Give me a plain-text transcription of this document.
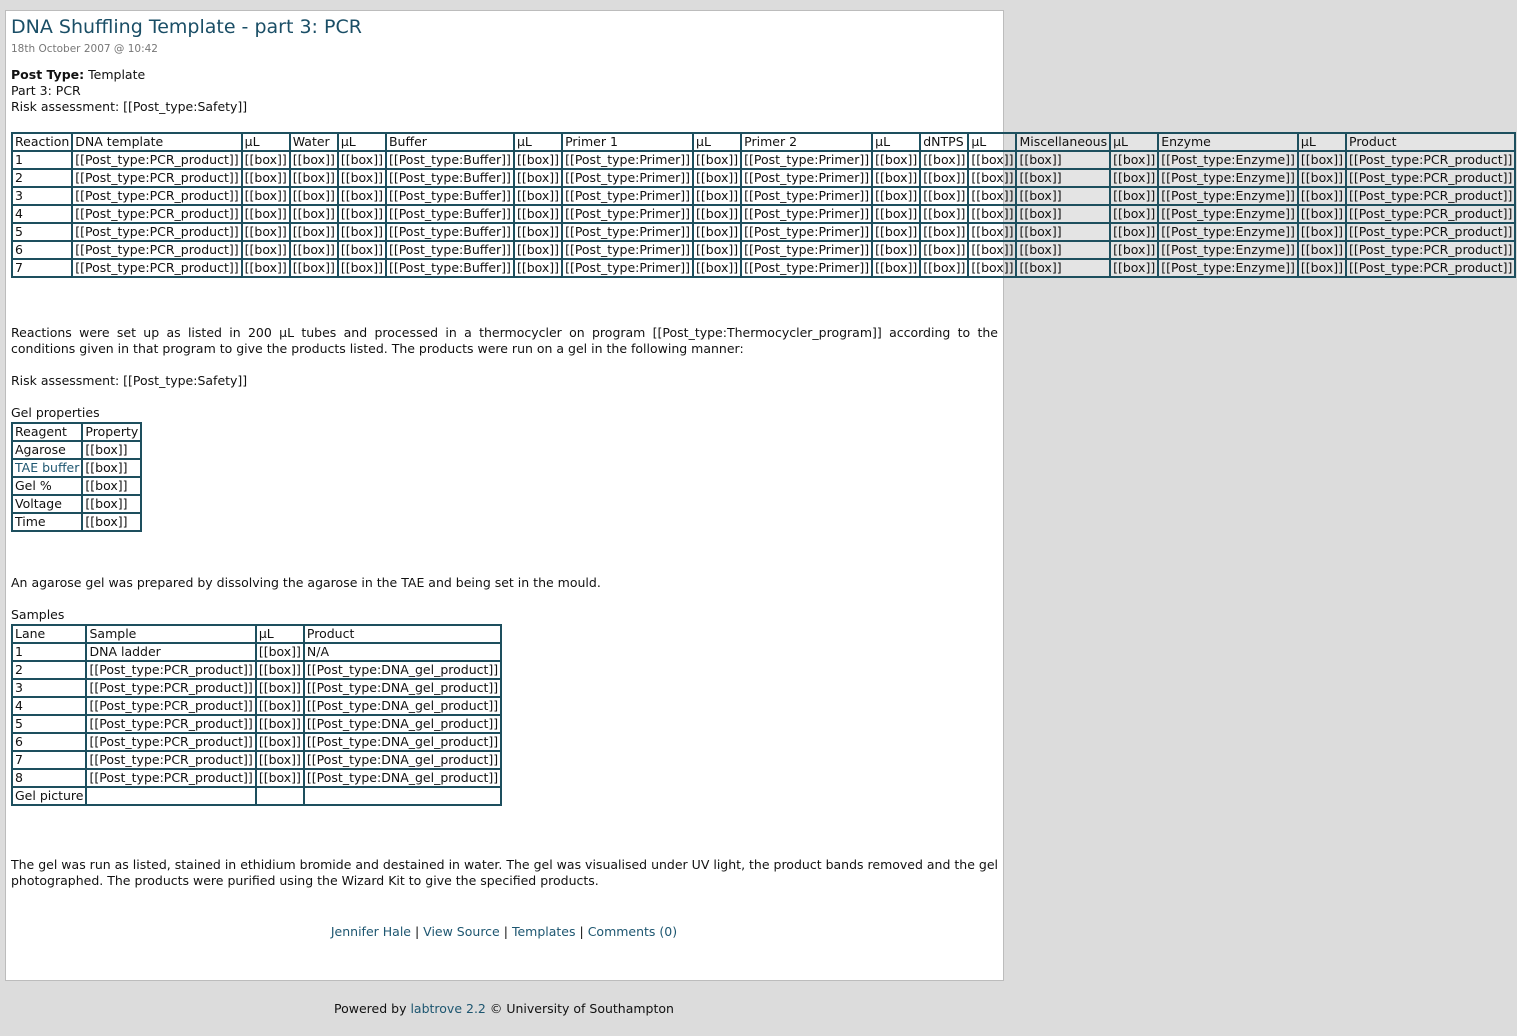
DNA Shuffling Template - part 3: PCR
18th October 2007 @ 10:42
Post Type: Template
Part 3: PCR
Risk assessment: [[Post_type:Safety]]
Reaction	DNA template	µL	Water	µL	Buffer	µL	Primer 1	µL	Primer 2	µL	dNTPS	µL	Miscellaneous	µL	Enzyme	µL	Product
1	[[Post_type:PCR_product]]	[[box]]	[[box]]	[[box]]	[[Post_type:Buffer]]	[[box]]	[[Post_type:Primer]]	[[box]]	[[Post_type:Primer]]	[[box]]	[[box]]	[[box]]	[[box]]	[[box]]	[[Post_type:Enzyme]]	[[box]]	[[Post_type:PCR_product]]
2	[[Post_type:PCR_product]]	[[box]]	[[box]]	[[box]]	[[Post_type:Buffer]]	[[box]]	[[Post_type:Primer]]	[[box]]	[[Post_type:Primer]]	[[box]]	[[box]]	[[box]]	[[box]]	[[box]]	[[Post_type:Enzyme]]	[[box]]	[[Post_type:PCR_product]]
3	[[Post_type:PCR_product]]	[[box]]	[[box]]	[[box]]	[[Post_type:Buffer]]	[[box]]	[[Post_type:Primer]]	[[box]]	[[Post_type:Primer]]	[[box]]	[[box]]	[[box]]	[[box]]	[[box]]	[[Post_type:Enzyme]]	[[box]]	[[Post_type:PCR_product]]
4	[[Post_type:PCR_product]]	[[box]]	[[box]]	[[box]]	[[Post_type:Buffer]]	[[box]]	[[Post_type:Primer]]	[[box]]	[[Post_type:Primer]]	[[box]]	[[box]]	[[box]]	[[box]]	[[box]]	[[Post_type:Enzyme]]	[[box]]	[[Post_type:PCR_product]]
5	[[Post_type:PCR_product]]	[[box]]	[[box]]	[[box]]	[[Post_type:Buffer]]	[[box]]	[[Post_type:Primer]]	[[box]]	[[Post_type:Primer]]	[[box]]	[[box]]	[[box]]	[[box]]	[[box]]	[[Post_type:Enzyme]]	[[box]]	[[Post_type:PCR_product]]
6	[[Post_type:PCR_product]]	[[box]]	[[box]]	[[box]]	[[Post_type:Buffer]]	[[box]]	[[Post_type:Primer]]	[[box]]	[[Post_type:Primer]]	[[box]]	[[box]]	[[box]]	[[box]]	[[box]]	[[Post_type:Enzyme]]	[[box]]	[[Post_type:PCR_product]]
7	[[Post_type:PCR_product]]	[[box]]	[[box]]	[[box]]	[[Post_type:Buffer]]	[[box]]	[[Post_type:Primer]]	[[box]]	[[Post_type:Primer]]	[[box]]	[[box]]	[[box]]	[[box]]	[[box]]	[[Post_type:Enzyme]]	[[box]]	[[Post_type:PCR_product]]
Reactions were set up as listed in 200 µL tubes and processed in a thermocycler on program [[Post_type:Thermocycler_program]] according to the conditions given in that program to give the products listed. The products were run on a gel in the following manner:
Risk assessment: [[Post_type:Safety]]
Gel properties
Reagent	Property
Agarose	[[box]]
TAE buffer	[[box]]
Gel %	[[box]]
Voltage	[[box]]
Time	[[box]]
An agarose gel was prepared by dissolving the agarose in the TAE and being set in the mould.
Samples
Lane	Sample	µL	Product
1	DNA ladder	[[box]]	N/A
2	[[Post_type:PCR_product]]	[[box]]	[[Post_type:DNA_gel_product]]
3	[[Post_type:PCR_product]]	[[box]]	[[Post_type:DNA_gel_product]]
4	[[Post_type:PCR_product]]	[[box]]	[[Post_type:DNA_gel_product]]
5	[[Post_type:PCR_product]]	[[box]]	[[Post_type:DNA_gel_product]]
6	[[Post_type:PCR_product]]	[[box]]	[[Post_type:DNA_gel_product]]
7	[[Post_type:PCR_product]]	[[box]]	[[Post_type:DNA_gel_product]]
8	[[Post_type:PCR_product]]	[[box]]	[[Post_type:DNA_gel_product]]
Gel picture			
The gel was run as listed, stained in ethidium bromide and destained in water. The gel was visualised under UV light, the product bands removed and the gel photographed. The products were purified using the Wizard Kit to give the specified products.
Jennifer Hale | View Source | Templates | Comments (0)
Powered by labtrove 2.2 © University of Southampton
